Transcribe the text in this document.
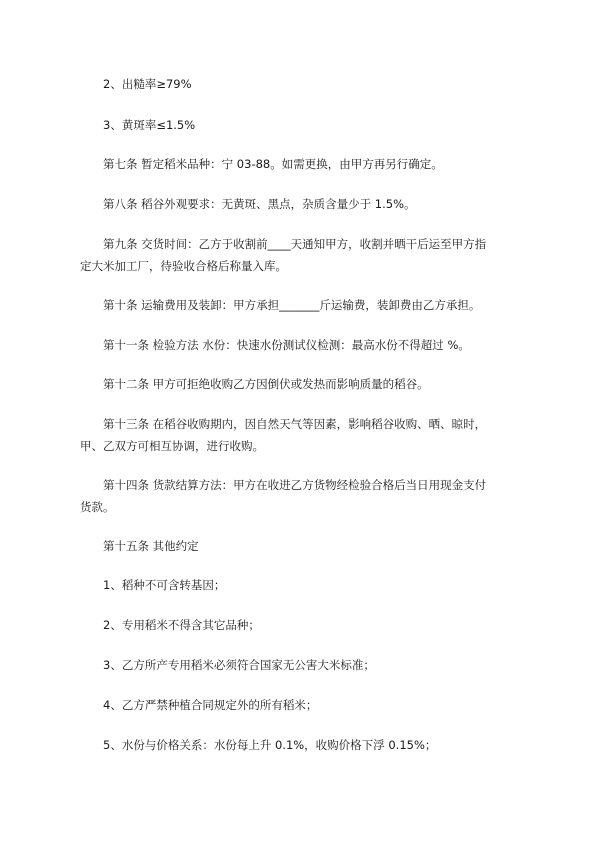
2、出糙率≥79%

3、黄斑率≤1.5%

第七条 暂定稻米品种：宁 03-88。如需更换，由甲方再另行确定。

第八条 稻谷外观要求：无黄斑、黑点，杂质含量少于 1.5%。

第九条 交货时间：乙方于收割前____天通知甲方，收割并晒干后运至甲方指定大米加工厂，待验收合格后称量入库。

第十条 运输费用及装卸：甲方承担_______斤运输费，装卸费由乙方承担。

第十一条 检验方法 水份：快速水份测试仪检测：最高水份不得超过 %。

第十二条 甲方可拒绝收购乙方因倒伏或发热而影响质量的稻谷。

第十三条 在稻谷收购期内，因自然天气等因素，影响稻谷收购、晒、晾时，甲、乙双方可相互协调，进行收购。

第十四条 货款结算方法：甲方在收进乙方货物经检验合格后当日用现金支付货款。

第十五条 其他约定

1、稻种不可含转基因；

2、专用稻米不得含其它品种；

3、乙方所产专用稻米必须符合国家无公害大米标准；

4、乙方严禁种植合同规定外的所有稻米；

5、水份与价格关系：水份每上升 0.1%，收购价格下浮 0.15%；
